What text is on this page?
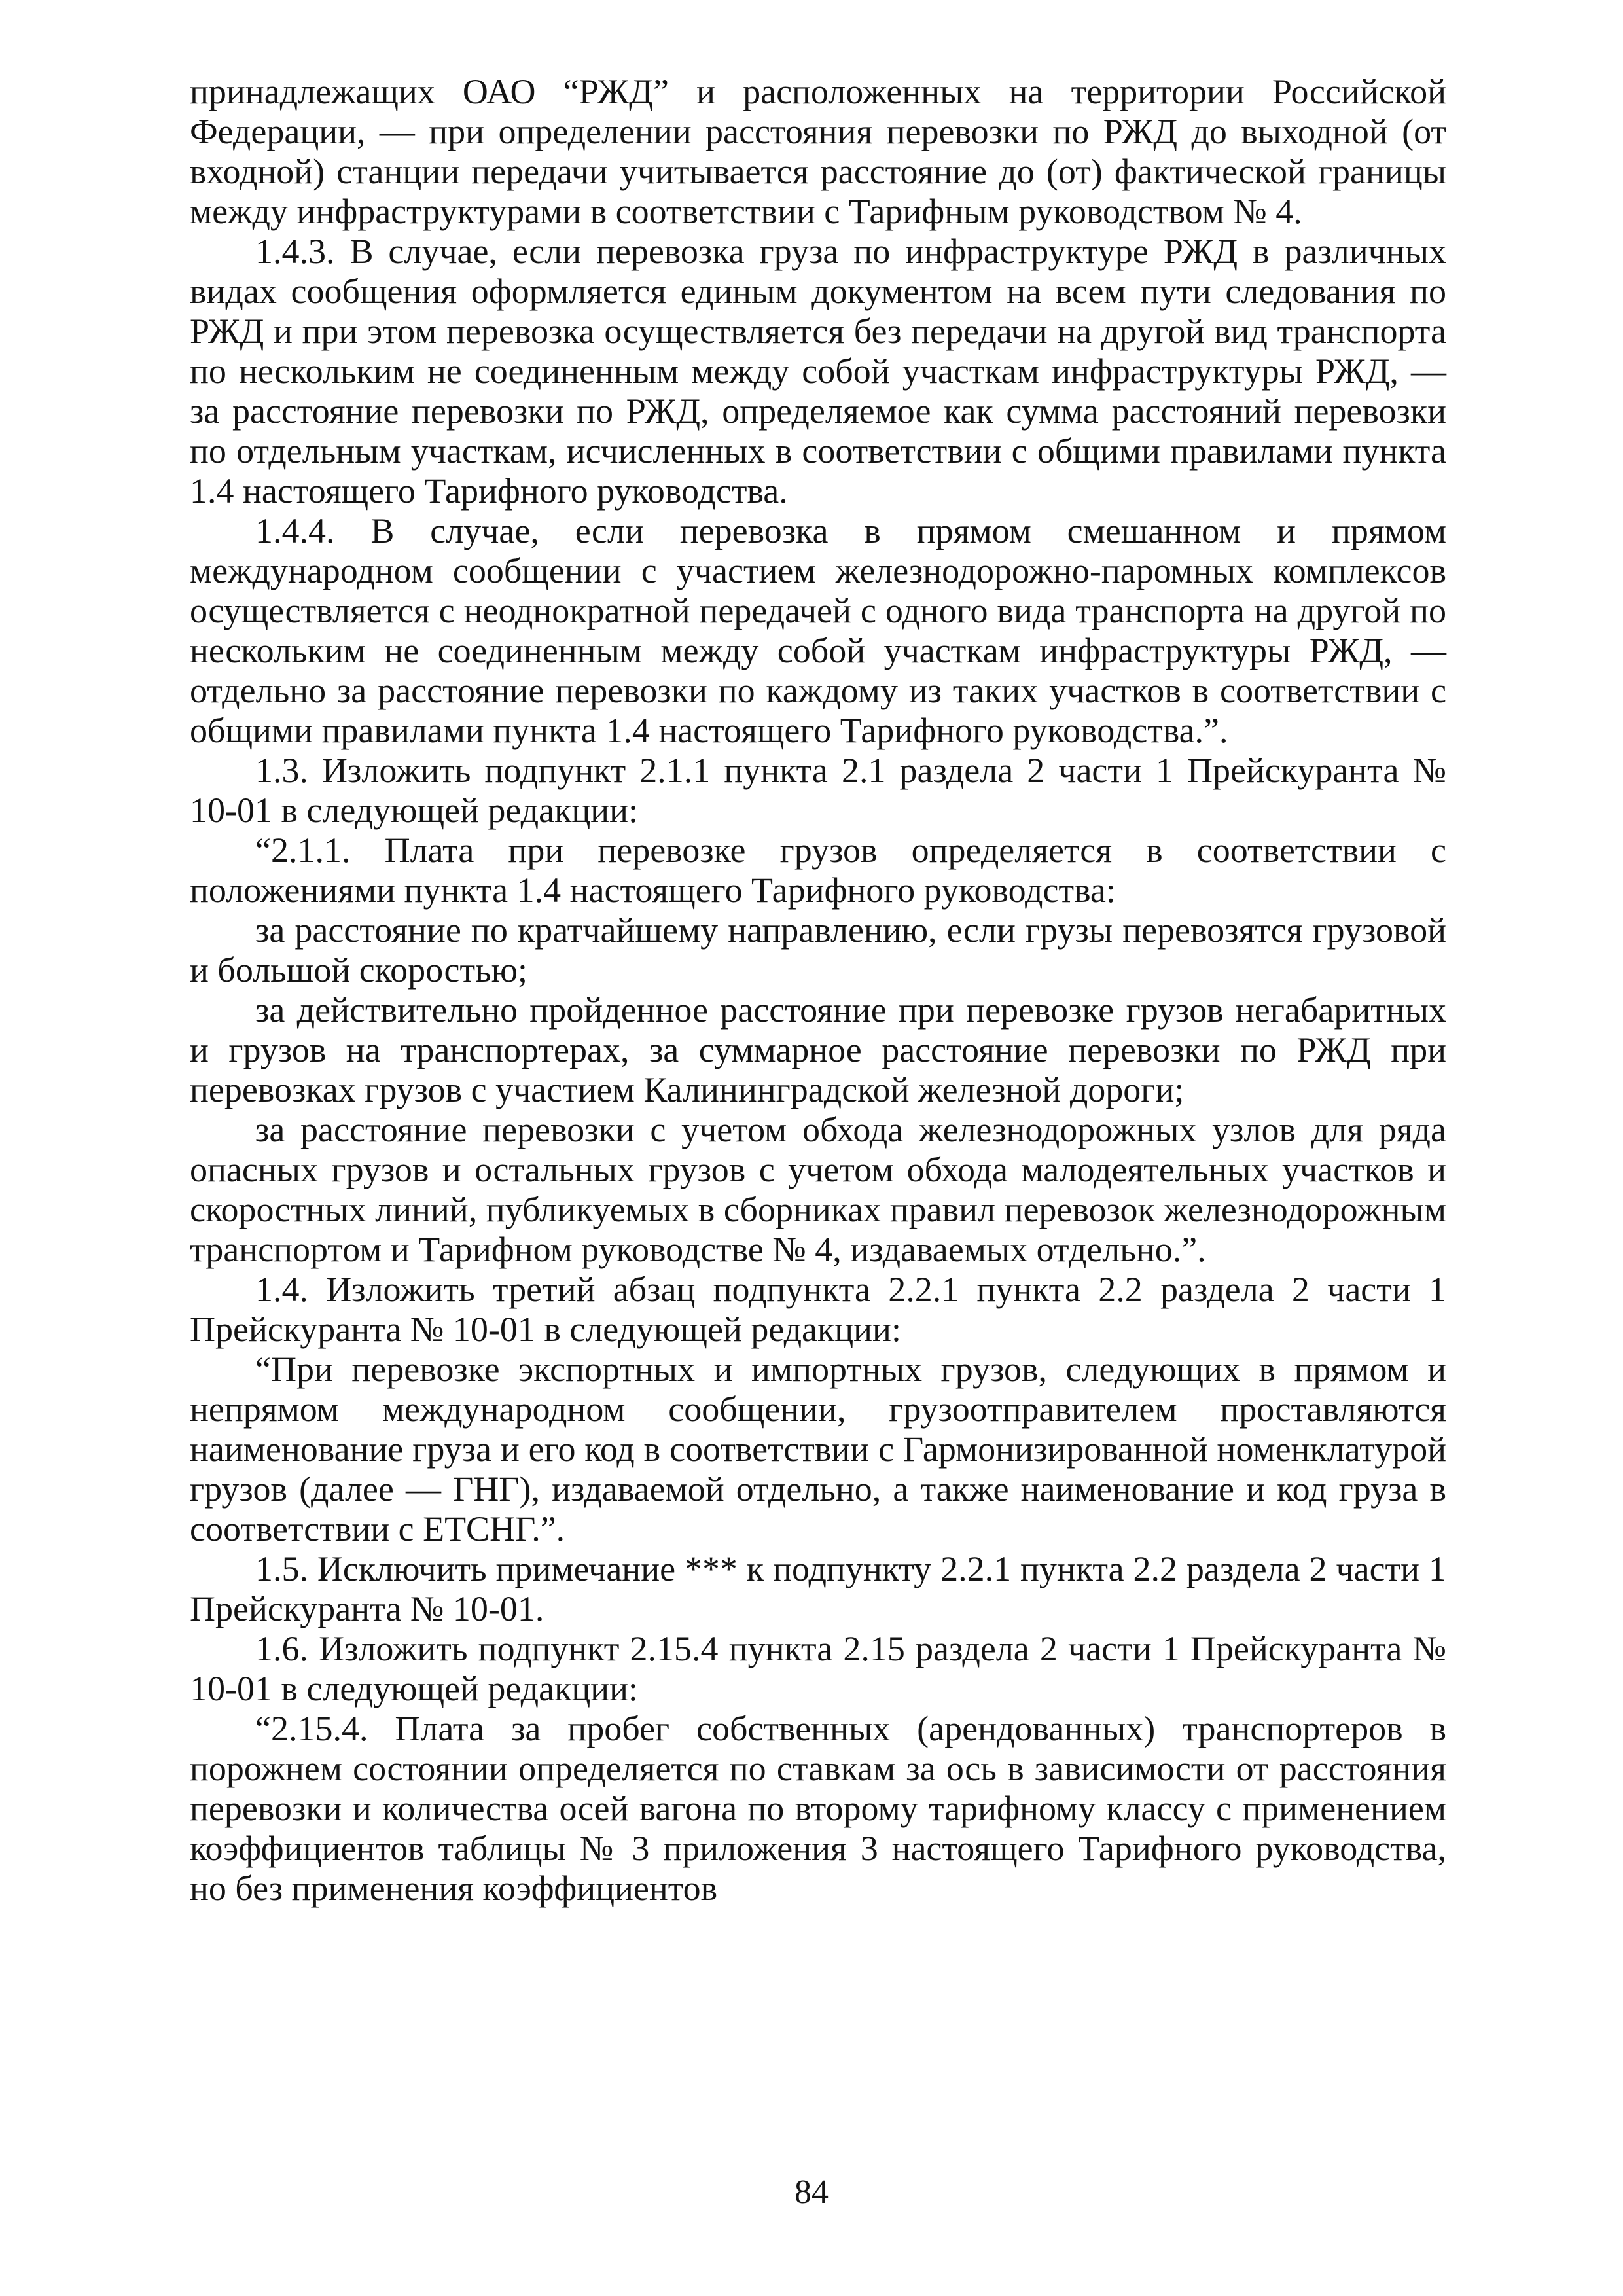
принадлежащих ОАО “РЖД” и расположенных на территории Российской Федерации, — при определении расстояния перевозки по РЖД до выходной (от входной) станции передачи учитывается расстояние до (от) фактической границы между инфраструктурами в соответствии с Тарифным руководством № 4.

1.4.3. В случае, если перевозка груза по инфраструктуре РЖД в различных видах сообщения оформляется единым документом на всем пути следования по РЖД и при этом перевозка осуществляется без передачи на другой вид транспорта по нескольким не соединенным между собой участкам инфраструктуры РЖД, — за расстояние перевозки по РЖД, определяемое как сумма расстояний перевозки по отдельным участкам, исчисленных в соответствии с общими правилами пункта 1.4 настоящего Тарифного руководства.

1.4.4. В случае, если перевозка в прямом смешанном и прямом международном сообщении с участием железнодорожно-паромных комплексов осуществляется с неоднократной передачей с одного вида транспорта на другой по нескольким не соединенным между собой участкам инфраструктуры РЖД, — отдельно за расстояние перевозки по каждому из таких участков в соответствии с общими правилами пункта 1.4 настоящего Тарифного руководства.”.

1.3. Изложить подпункт 2.1.1 пункта 2.1 раздела 2 части 1 Прейскуранта № 10-01 в следующей редакции:

“2.1.1. Плата при перевозке грузов определяется в соответствии с положениями пункта 1.4 настоящего Тарифного руководства:

за расстояние по кратчайшему направлению, если грузы перевозятся грузовой и большой скоростью;

за действительно пройденное расстояние при перевозке грузов негабаритных и грузов на транспортерах, за суммарное расстояние перевозки по РЖД при перевозках грузов с участием Калининградской железной дороги;

за расстояние перевозки с учетом обхода железнодорожных узлов для ряда опасных грузов и остальных грузов с учетом обхода малодеятельных участков и скоростных линий, публикуемых в сборниках правил перевозок железнодорожным транспортом и Тарифном руководстве № 4, издаваемых отдельно.”.

1.4. Изложить третий абзац подпункта 2.2.1 пункта 2.2 раздела 2 части 1 Прейскуранта № 10-01 в следующей редакции:

“При перевозке экспортных и импортных грузов, следующих в прямом и непрямом международном сообщении, грузоотправителем проставляются наименование груза и его код в соответствии с Гармонизированной номенклатурой грузов (далее — ГНГ), издаваемой отдельно, а также наименование и код груза в соответствии с ЕТСНГ.”.

1.5. Исключить примечание *** к подпункту 2.2.1 пункта 2.2 раздела 2 части 1 Прейскуранта № 10-01.

1.6. Изложить подпункт 2.15.4 пункта 2.15 раздела 2 части 1 Прейскуранта № 10-01 в следующей редакции:

“2.15.4. Плата за пробег собственных (арендованных) транспортеров в порожнем состоянии определяется по ставкам за ось в зависимости от расстояния перевозки и количества осей вагона по второму тарифному классу с применением коэффициентов таблицы № 3 приложения 3 настоящего Тарифного руководства, но без применения коэффициентов

84
